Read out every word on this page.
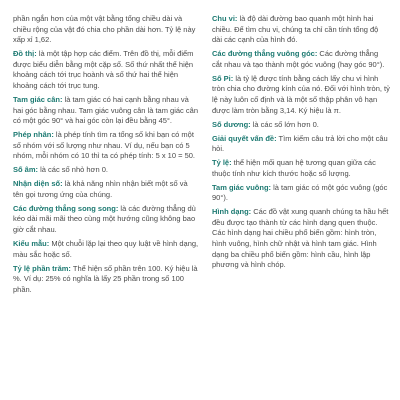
phần ngắn hơn của một vật bằng tổng chiều dài và chiều rộng của vật đó chia cho phần dài hơn. Tỷ lệ này xấp xỉ 1,62.

Đồ thị: là một tập hợp các điểm. Trên đồ thị, mỗi điểm được biểu diễn bằng một cặp số. Số thứ nhất thể hiện khoảng cách tới trục hoành và số thứ hai thể hiện khoảng cách tới trục tung.

Tam giác cân: là tam giác có hai cạnh bằng nhau và hai góc bằng nhau. Tam giác vuông cân là tam giác cân có một góc 90° và hai góc còn lại đều bằng 45°.

Phép nhân: là phép tính tìm ra tổng số khi bạn có một số nhóm với số lượng như nhau. Ví dụ, nếu bạn có 5 nhóm, mỗi nhóm có 10 thì ta có phép tính: 5 x 10 = 50.

Số âm: là các số nhỏ hơn 0.

Nhận diện số: là khả năng nhìn nhận biết một số và tên gọi tương ứng của chúng.

Các đường thẳng song song: là các đường thẳng dù kéo dài mãi mãi theo cùng một hướng cũng không bao giờ cắt nhau.

Kiểu mẫu: Một chuỗi lặp lại theo quy luật về hình dạng, màu sắc hoặc số.

Tỷ lệ phần trăm: Thể hiện số phần trên 100. Ký hiệu là %. Ví dụ: 25% có nghĩa là lấy 25 phần trong số 100 phần.

Chu vi: là độ dài đường bao quanh một hình hai chiều. Để tìm chu vi, chúng ta chỉ cần tính tổng độ dài các cạnh của hình đó.

Các đường thẳng vuông góc: Các đường thẳng cắt nhau và tạo thành một góc vuông (hay góc 90°).

Số Pi: là tỷ lệ được tính bằng cách lấy chu vi hình tròn chia cho đường kính của nó. Đối với hình tròn, tỷ lệ này luôn cố định và là một số thập phân vô hạn được làm tròn bằng 3,14. Ký hiệu là π.

Số dương: là các số lớn hơn 0.

Giải quyết vấn đề: Tìm kiếm câu trả lời cho một câu hỏi.

Tỷ lệ: thể hiện mối quan hệ tương quan giữa các thuộc tính như kích thước hoặc số lượng.

Tam giác vuông: là tam giác có một góc vuông (góc 90°).

Hình dạng: Các đồ vật xung quanh chúng ta hầu hết đều được tạo thành từ các hình dạng quen thuộc. Các hình dạng hai chiều phổ biến gồm: hình tròn, hình vuông, hình chữ nhật và hình tam giác. Hình dạng ba chiều phổ biến gồm: hình cầu, hình lập phương và hình chóp.
